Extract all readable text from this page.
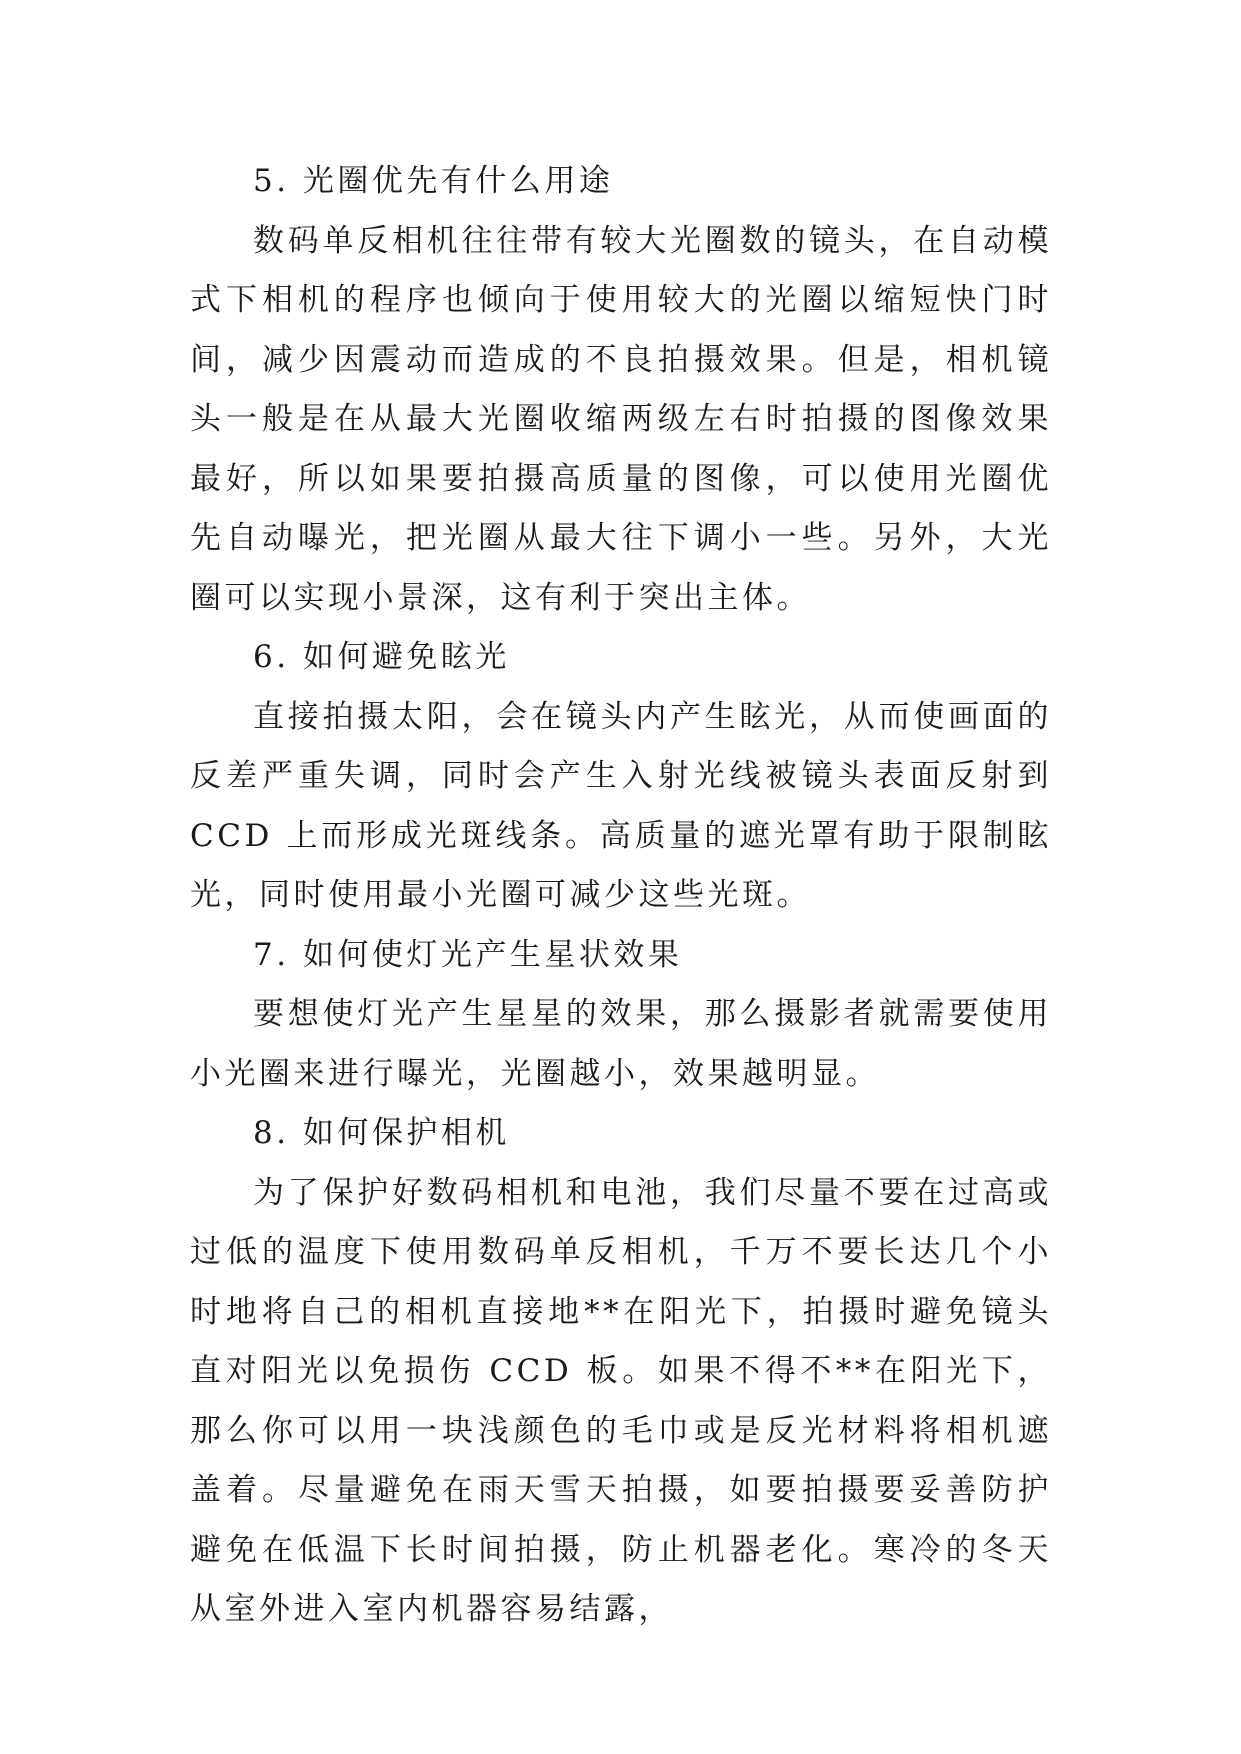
5. 光圈优先有什么用途

数码单反相机往往带有较大光圈数的镜头，在自动模式下相机的程序也倾向于使用较大的光圈以缩短快门时间，减少因震动而造成的不良拍摄效果。但是，相机镜头一般是在从最大光圈收缩两级左右时拍摄的图像效果最好，所以如果要拍摄高质量的图像，可以使用光圈优先自动曝光，把光圈从最大往下调小一些。另外，大光圈可以实现小景深，这有利于突出主体。

6. 如何避免眩光

直接拍摄太阳，会在镜头内产生眩光，从而使画面的反差严重失调，同时会产生入射光线被镜头表面反射到 CCD 上而形成光斑线条。高质量的遮光罩有助于限制眩光，同时使用最小光圈可减少这些光斑。

7. 如何使灯光产生星状效果

要想使灯光产生星星的效果，那么摄影者就需要使用小光圈来进行曝光，光圈越小，效果越明显。

8. 如何保护相机

为了保护好数码相机和电池，我们尽量不要在过高或过低的温度下使用数码单反相机，千万不要长达几个小时地将自己的相机直接地**在阳光下，拍摄时避免镜头直对阳光以免损伤 CCD 板。如果不得不**在阳光下，那么你可以用一块浅颜色的毛巾或是反光材料将相机遮盖着。尽量避免在雨天雪天拍摄，如要拍摄要妥善防护避免在低温下长时间拍摄，防止机器老化。寒冷的冬天从室外进入室内机器容易结露，
